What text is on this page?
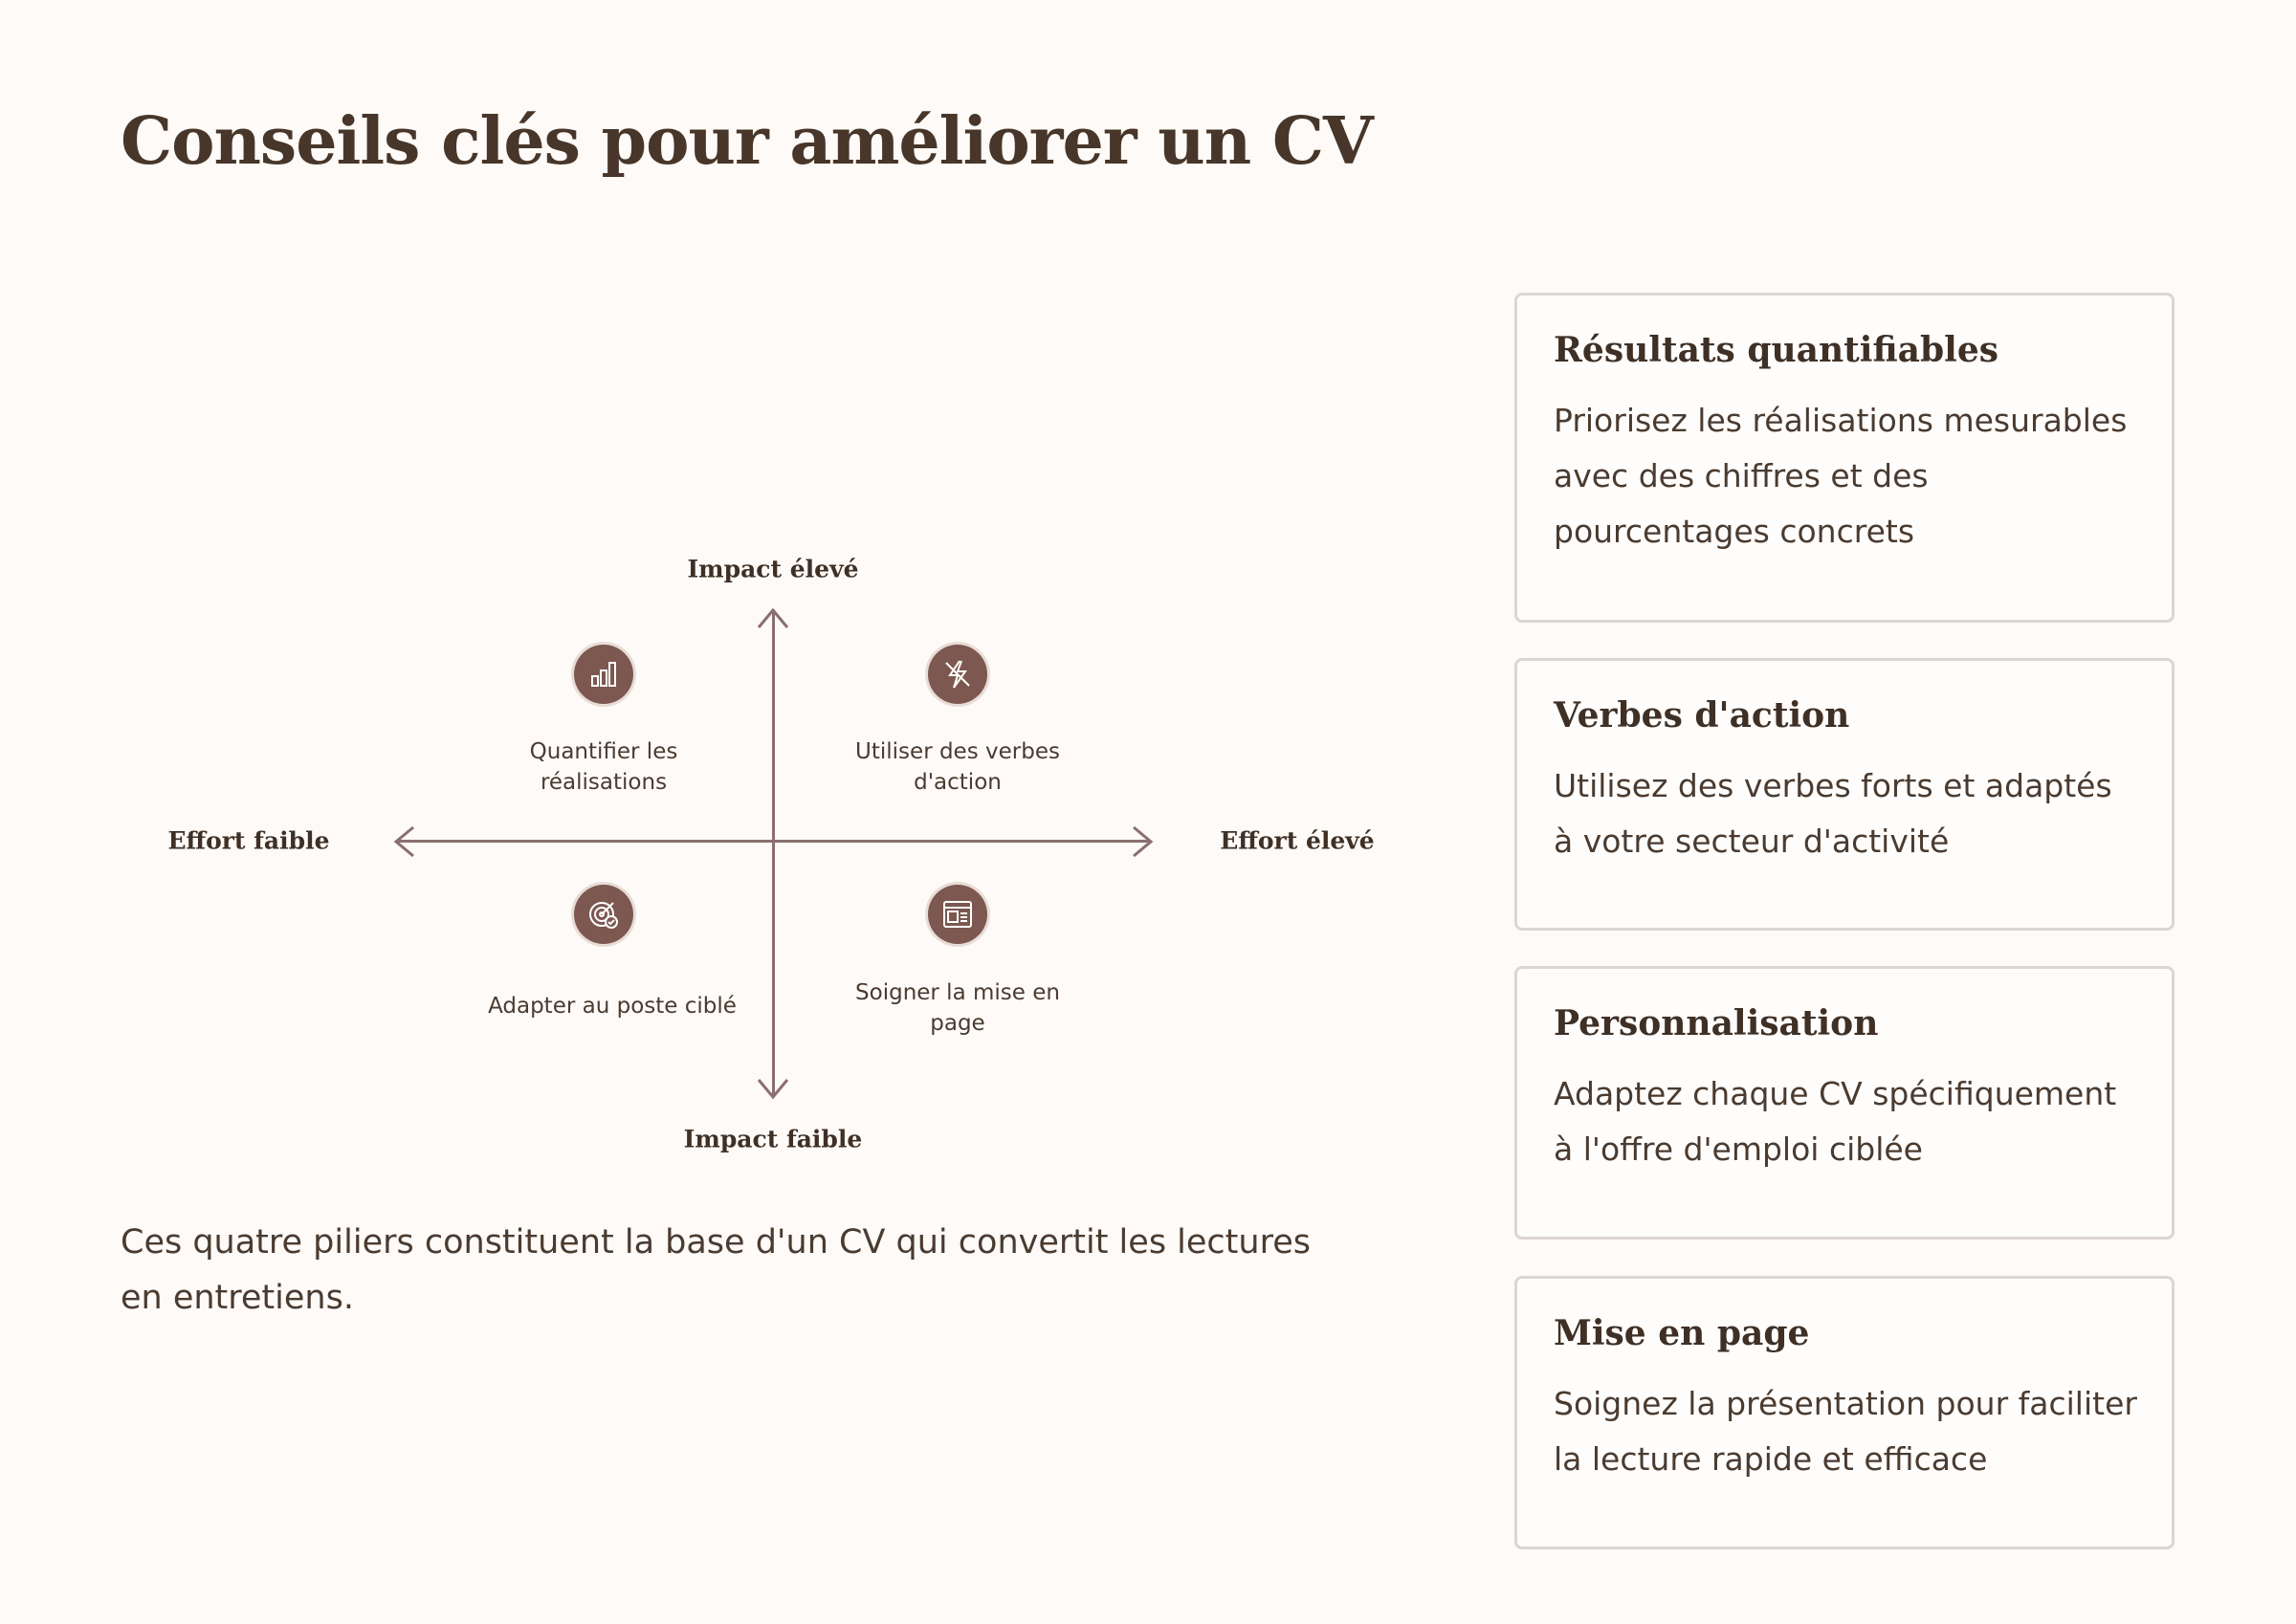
Conseils clés pour améliorer un CV
Impact élevé
Impact faible
Effort faible	Effort élevé
Quantifier les réalisations
Utiliser des verbes d'action
Adapter au poste ciblé
Soigner la mise en page
Ces quatre piliers constituent la base d'un CV qui convertit les lectures en entretiens.
Résultats quantifiables

Priorisez les réalisations mesurables avec des chiffres et des pourcentages concrets

Verbes d'action

Utilisez des verbes forts et adaptés à votre secteur d'activité

Personnalisation

Adaptez chaque CV spécifiquement à l'offre d'emploi ciblée

Mise en page

Soignez la présentation pour faciliter la lecture rapide et efficace
